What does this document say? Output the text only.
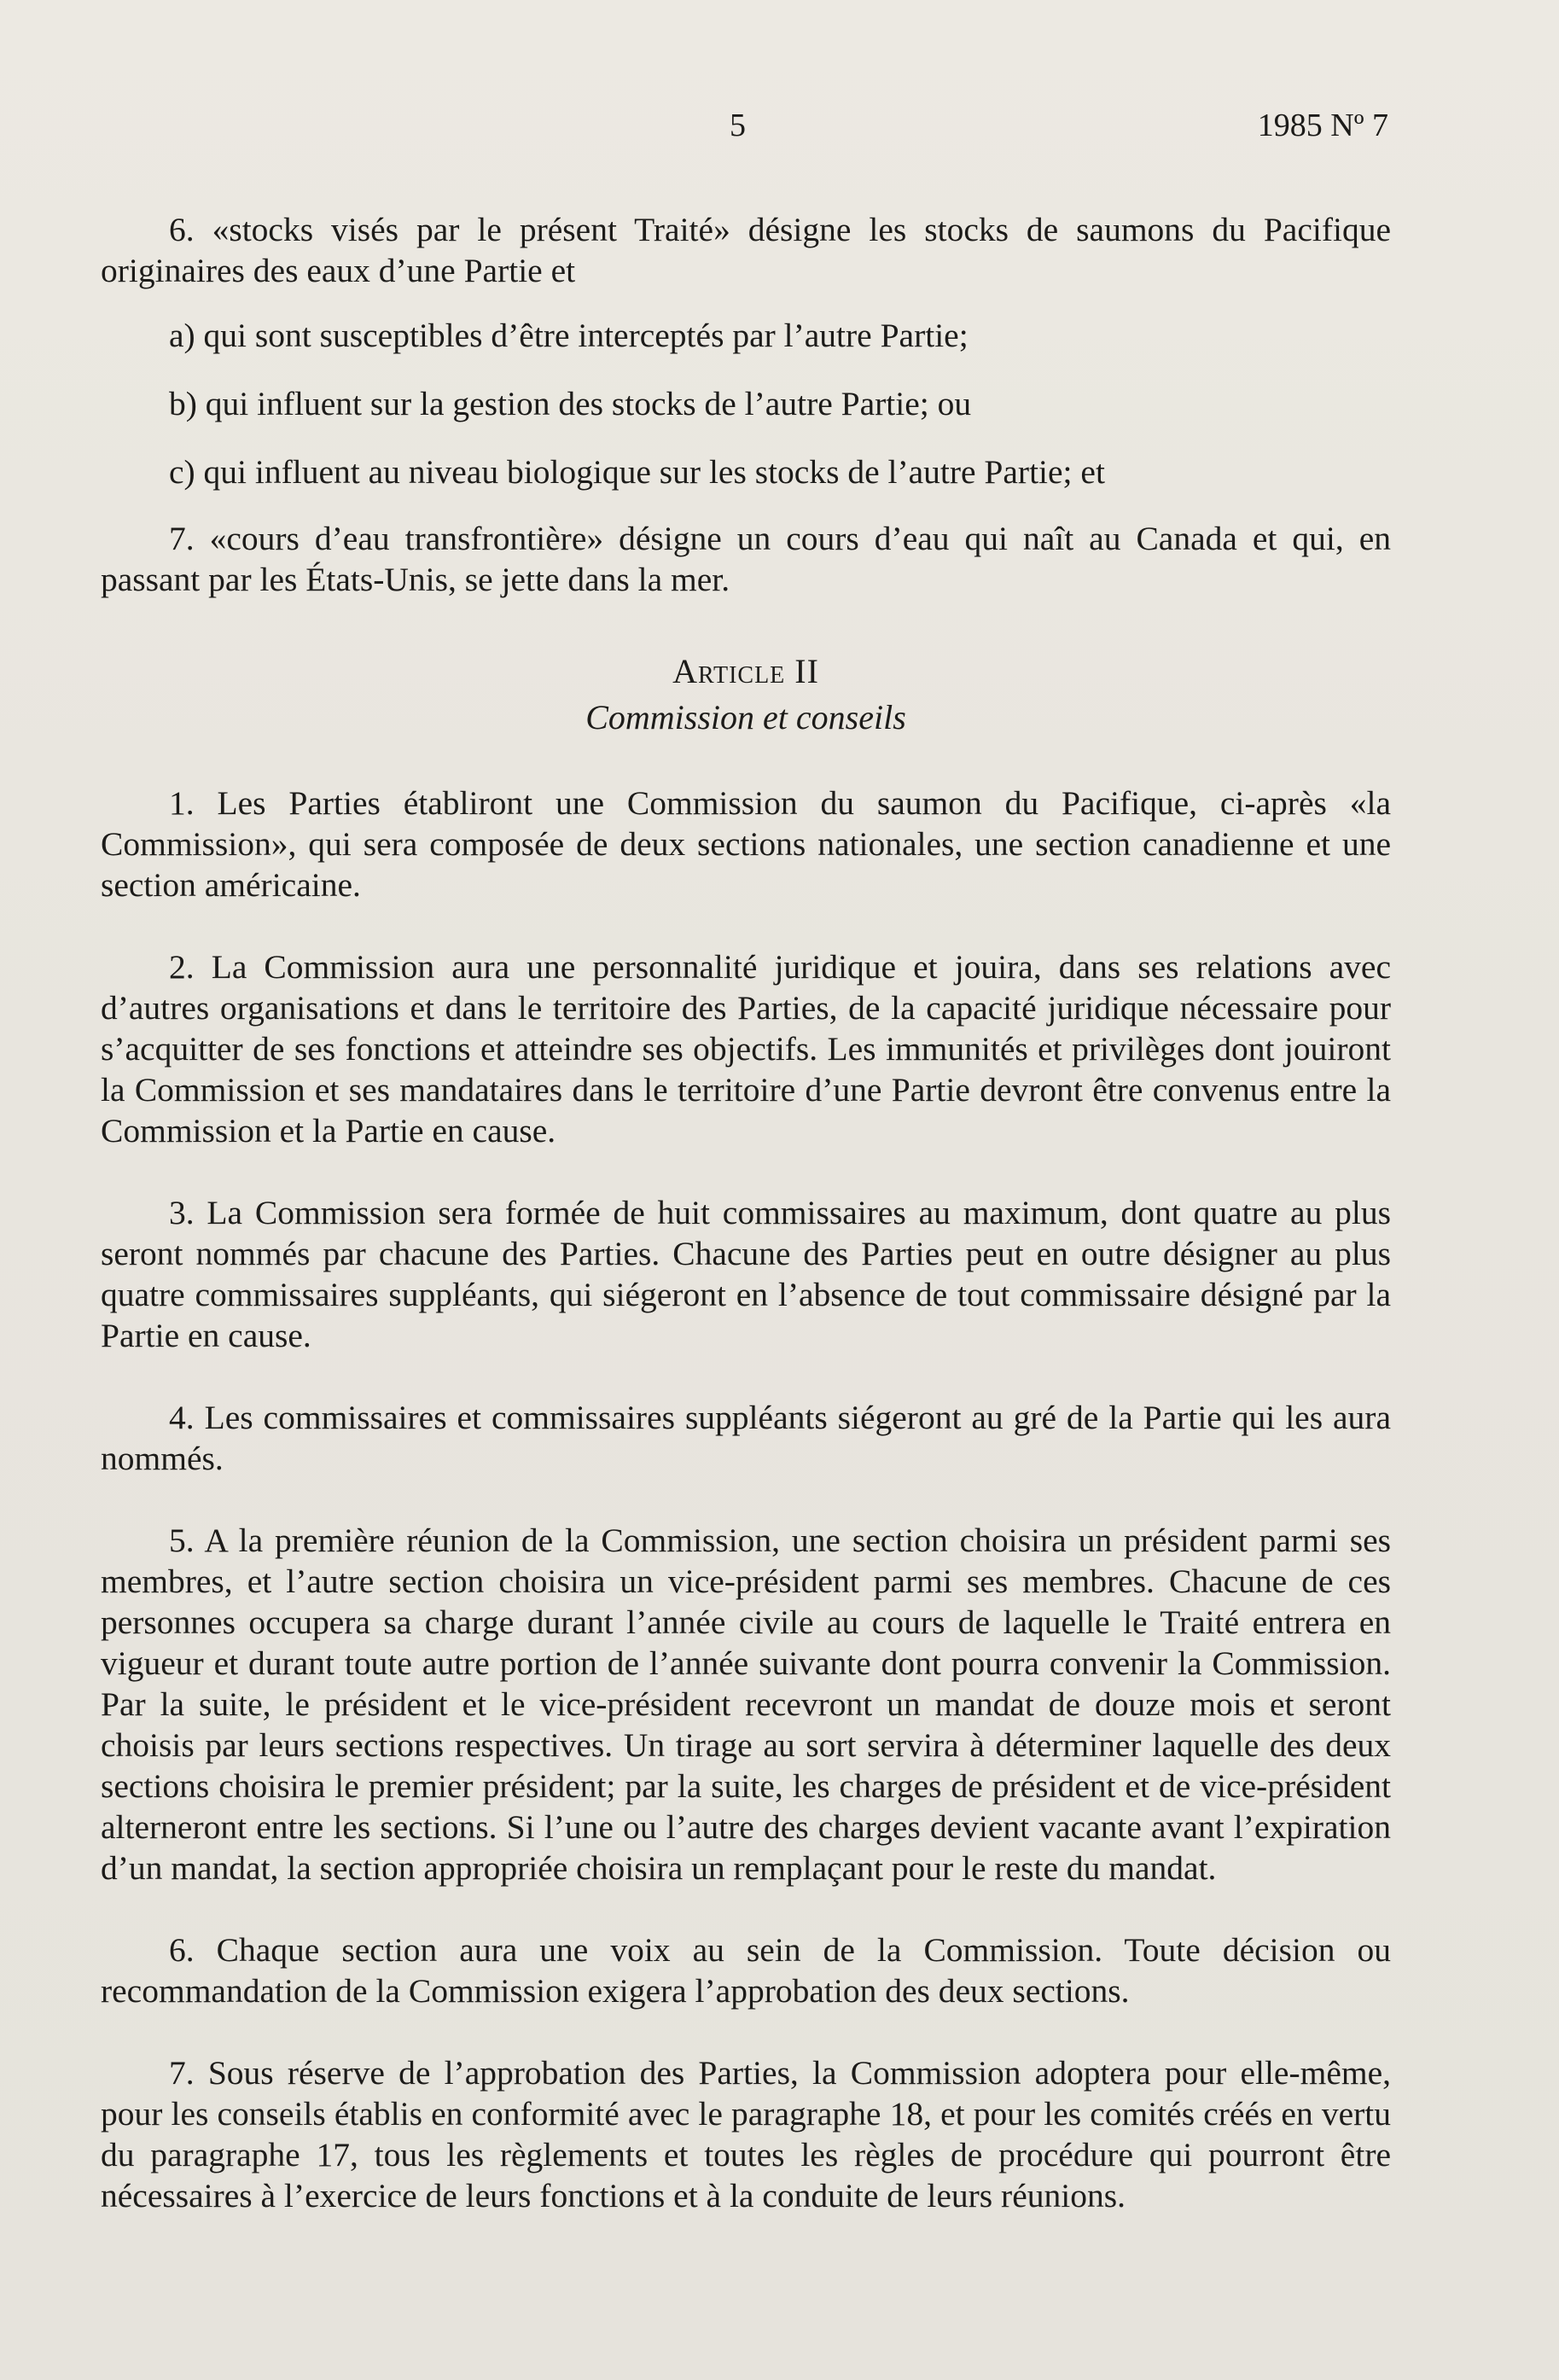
5	1985 Nº 7

6. «stocks visés par le présent Traité» désigne les stocks de saumons du Pacifique originaires des eaux d’une Partie et

a) qui sont susceptibles d’être interceptés par l’autre Partie;
b) qui influent sur la gestion des stocks de l’autre Partie; ou
c) qui influent au niveau biologique sur les stocks de l’autre Partie; et

7. «cours d’eau transfrontière» désigne un cours d’eau qui naît au Canada et qui, en passant par les États-Unis, se jette dans la mer.

Article II
Commission et conseils

1. Les Parties établiront une Commission du saumon du Pacifique, ci-après «la Commission», qui sera composée de deux sections nationales, une section canadienne et une section américaine.

2. La Commission aura une personnalité juridique et jouira, dans ses relations avec d’autres organisations et dans le territoire des Parties, de la capacité juridique nécessaire pour s’acquitter de ses fonctions et atteindre ses objectifs. Les immunités et privilèges dont jouiront la Commission et ses mandataires dans le territoire d’une Partie devront être convenus entre la Commission et la Partie en cause.

3. La Commission sera formée de huit commissaires au maximum, dont quatre au plus seront nommés par chacune des Parties. Chacune des Parties peut en outre désigner au plus quatre commissaires suppléants, qui siégeront en l’absence de tout commissaire désigné par la Partie en cause.

4. Les commissaires et commissaires suppléants siégeront au gré de la Partie qui les aura nommés.

5. A la première réunion de la Commission, une section choisira un président parmi ses membres, et l’autre section choisira un vice-président parmi ses membres. Chacune de ces personnes occupera sa charge durant l’année civile au cours de laquelle le Traité entrera en vigueur et durant toute autre portion de l’année suivante dont pourra convenir la Commission. Par la suite, le président et le vice-président recevront un mandat de douze mois et seront choisis par leurs sections respectives. Un tirage au sort servira à déterminer laquelle des deux sections choisira le premier président; par la suite, les charges de président et de vice-président alterneront entre les sections. Si l’une ou l’autre des charges devient vacante avant l’expiration d’un mandat, la section appropriée choisira un remplaçant pour le reste du mandat.

6. Chaque section aura une voix au sein de la Commission. Toute décision ou recommandation de la Commission exigera l’approbation des deux sections.

7. Sous réserve de l’approbation des Parties, la Commission adoptera pour elle-même, pour les conseils établis en conformité avec le paragraphe 18, et pour les comités créés en vertu du paragraphe 17, tous les règlements et toutes les règles de procédure qui pourront être nécessaires à l’exercice de leurs fonctions et à la conduite de leurs réunions.
